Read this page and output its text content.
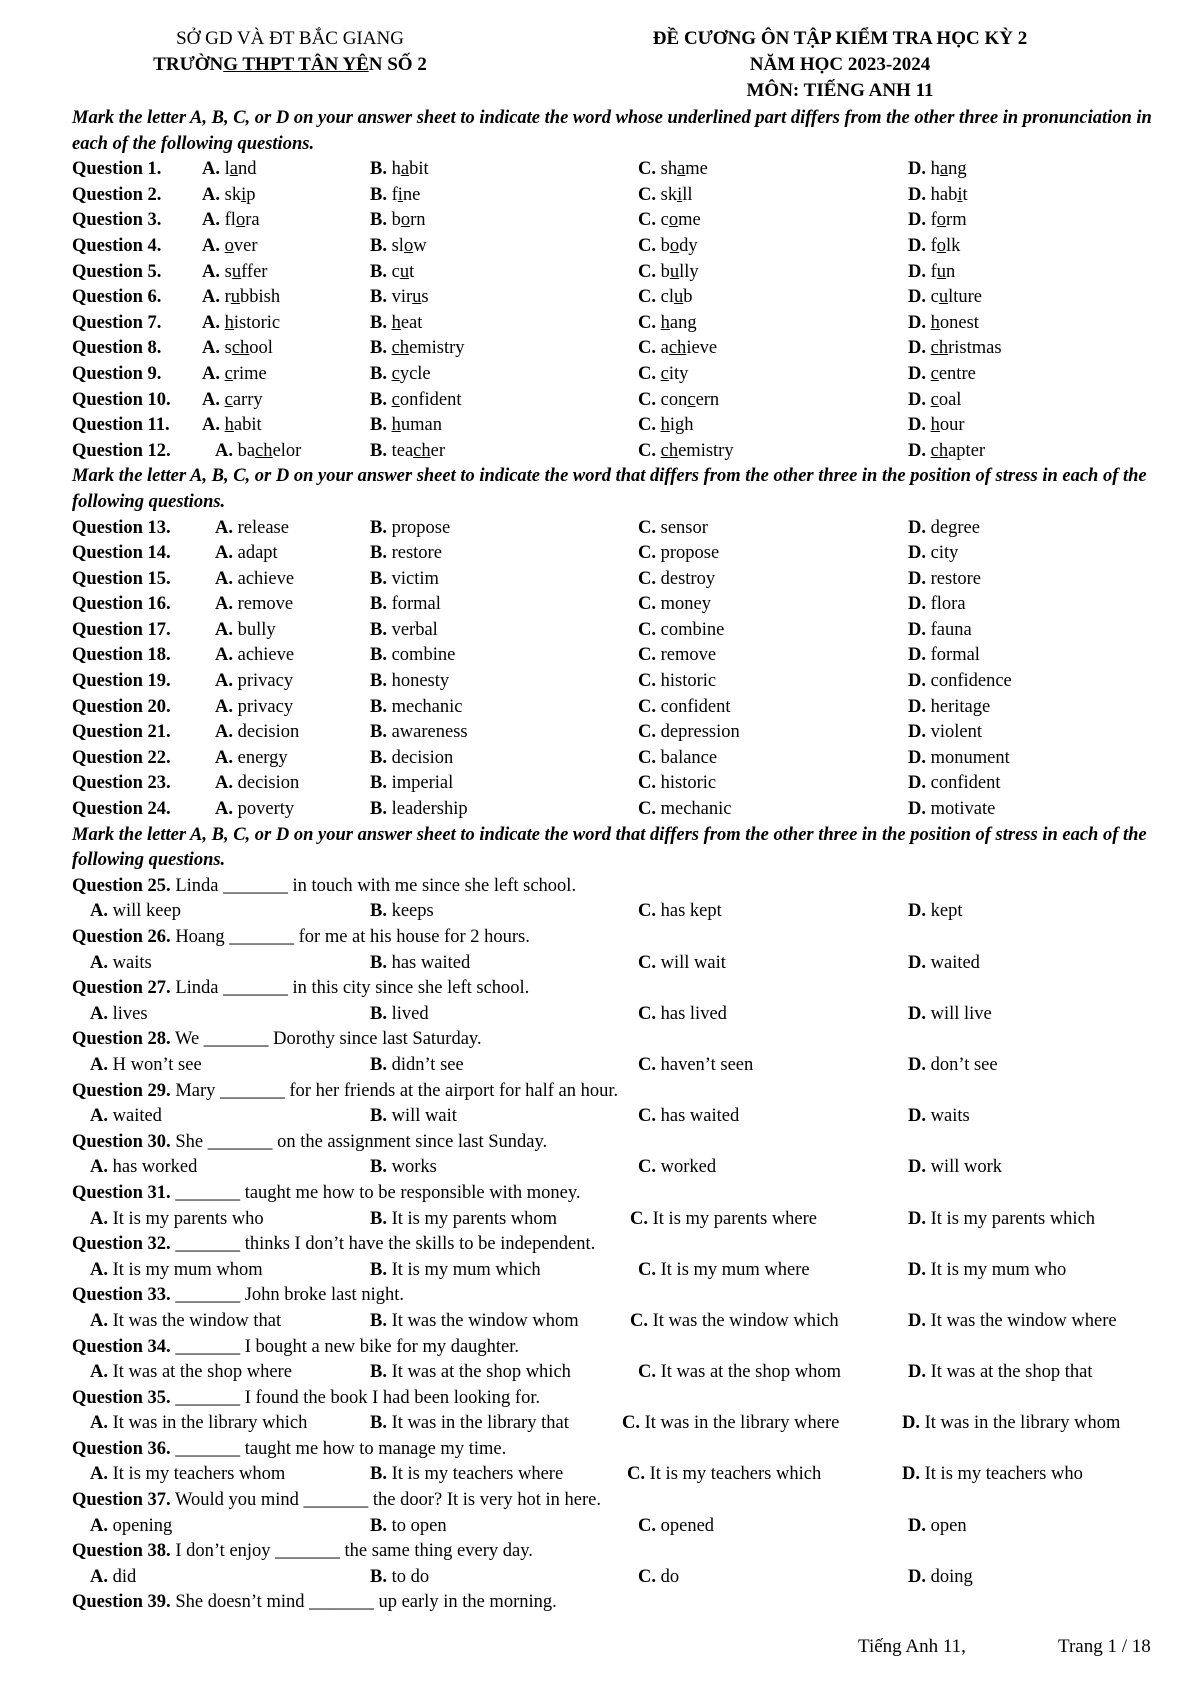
SỞ GD VÀ ĐT BẮC GIANG
TRƯỜNG THPT TÂN YÊN SỐ 2
ĐỀ CƯƠNG ÔN TẬP KIỂM TRA HỌC KỲ 2
NĂM HỌC 2023-2024
MÔN: TIẾNG ANH 11
Mark the letter A, B, C, or D on your answer sheet to indicate the word whose underlined part differs from the other three in pronunciation in each of the following questions.
Question 1. A. land	B. habit	C. shame	D. hang
Question 2. A. skip	B. fine	C. skill	D. habit
Question 3. A. flora	B. born	C. come	D. form
Question 4. A. over	B. slow	C. body	D. folk
Question 5. A. suffer	B. cut	C. bully	D. fun
Question 6. A. rubbish	B. virus	C. club	D. culture
Question 7. A. historic	B. heat	C. hang	D. honest
Question 8. A. school	B. chemistry	C. achieve	D. christmas
Question 9. A. crime	B. cycle	C. city	D. centre
Question 10. A. carry	B. confident	C. concern	D. coal
Question 11. A. habit	B. human	C. high	D. hour
Question 12. A. bachelor	B. teacher	C. chemistry	D. chapter
Mark the letter A, B, C, or D on your answer sheet to indicate the word that differs from the other three in the position of stress in each of the following questions.
Question 13. A. release	B. propose	C. sensor	D. degree
Question 14. A. adapt	B. restore	C. propose	D. city
Question 15. A. achieve	B. victim	C. destroy	D. restore
Question 16. A. remove	B. formal	C. money	D. flora
Question 17. A. bully	B. verbal	C. combine	D. fauna
Question 18. A. achieve	B. combine	C. remove	D. formal
Question 19. A. privacy	B. honesty	C. historic	D. confidence
Question 20. A. privacy	B. mechanic	C. confident	D. heritage
Question 21. A. decision	B. awareness	C. depression	D. violent
Question 22. A. energy	B. decision	C. balance	D. monument
Question 23. A. decision	B. imperial	C. historic	D. confident
Question 24. A. poverty	B. leadership	C. mechanic	D. motivate
Mark the letter A, B, C, or D on your answer sheet to indicate the word that differs from the other three in the position of stress in each of the following questions.
Question 25. Linda _______ in touch with me since she left school.
A. will keep	B. keeps	C. has kept	D. kept
Question 26. Hoang _______ for me at his house for 2 hours.
A. waits	B. has waited	C. will wait	D. waited
Question 27. Linda _______ in this city since she left school.
A. lives	B. lived	C. has lived	D. will live
Question 28. We _______ Dorothy since last Saturday.
A. H won’t see	B. didn’t see	C. haven’t seen	D. don’t see
Question 29. Mary _______ for her friends at the airport for half an hour.
A. waited	B. will wait	C. has waited	D. waits
Question 30. She _______ on the assignment since last Sunday.
A. has worked	B. works	C. worked	D. will work
Question 31. _______ taught me how to be responsible with money.
A. It is my parents who	B. It is my parents whom	C. It is my parents where	D. It is my parents which
Question 32. _______ thinks I don’t have the skills to be independent.
A. It is my mum whom	B. It is my mum which	C. It is my mum where	D. It is my mum who
Question 33. _______ John broke last night.
A. It was the window that	B. It was the window whom	C. It was the window which	D. It was the window where
Question 34. _______ I bought a new bike for my daughter.
A. It was at the shop where	B. It was at the shop which	C. It was at the shop whom	D. It was at the shop that
Question 35. _______ I found the book I had been looking for.
A. It was in the library which	B. It was in the library that	C. It was in the library where	D. It was in the library whom
Question 36. _______ taught me how to manage my time.
A. It is my teachers whom	B. It is my teachers where	C. It is my teachers which	D. It is my teachers who
Question 37. Would you mind _______ the door? It is very hot in here.
A. opening	B. to open	C. opened	D. open
Question 38. I don’t enjoy _______ the same thing every day.
A. did	B. to do	C. do	D. doing
Question 39. She doesn’t mind _______ up early in the morning.
Tiếng Anh 11,	Trang 1 / 18
